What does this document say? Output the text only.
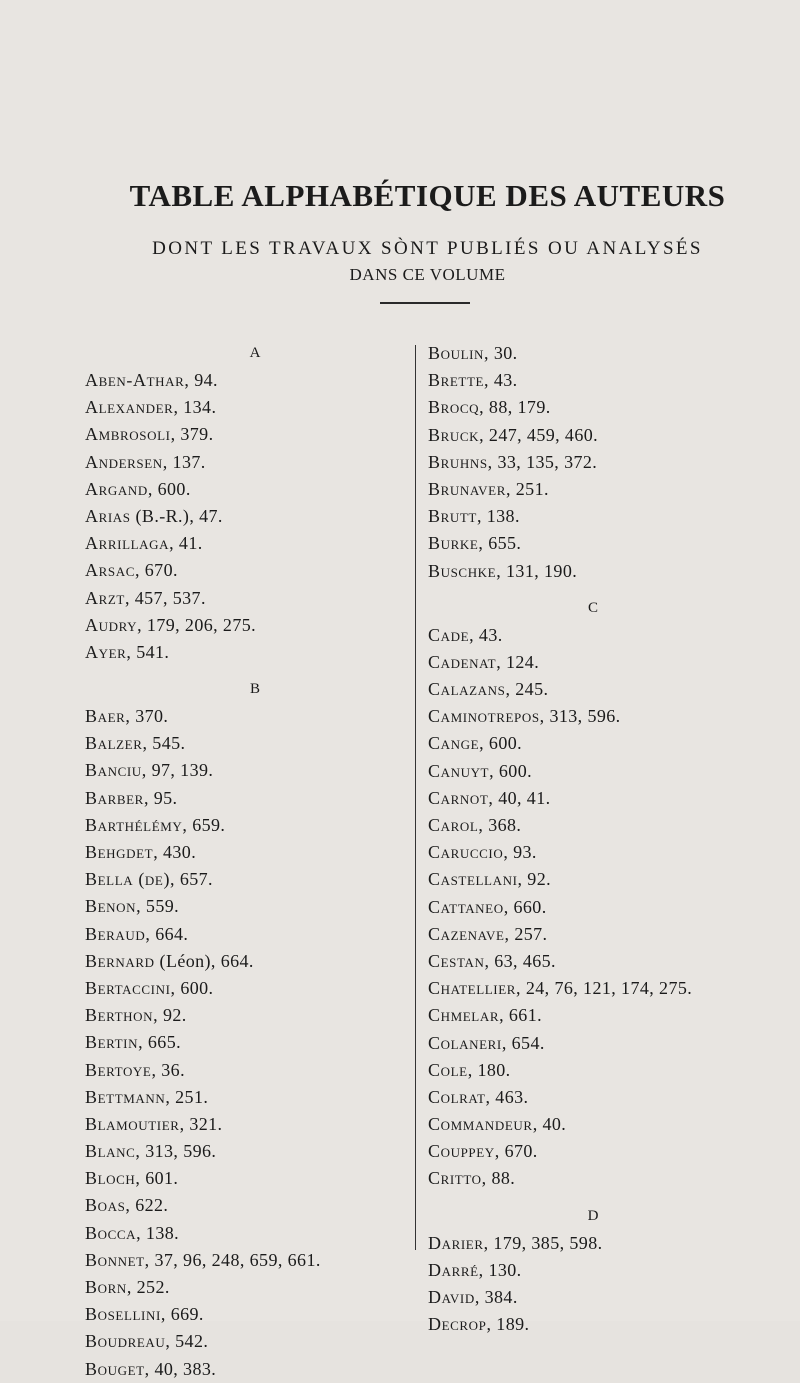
TABLE ALPHABÉTIQUE DES AUTEURS
DONT LES TRAVAUX SÒNT PUBLIÉS OU ANALYSÉS
DANS CE VOLUME
A
Aben-Athar, 94.
Alexander, 134.
Ambrosoli, 379.
Andersen, 137.
Argand, 600.
Arias (B.-R.), 47.
Arrillaga, 41.
Arsac, 670.
Arzt, 457, 537.
Audry, 179, 206, 275.
Ayer, 541.
B
Baer, 370.
Balzer, 545.
Banciu, 97, 139.
Barber, 95.
Barthélémy, 659.
Behgdet, 430.
Bella (de), 657.
Benon, 559.
Beraud, 664.
Bernard (Léon), 664.
Bertaccini, 600.
Berthon, 92.
Bertin, 665.
Bertoye, 36.
Bettmann, 251.
Blamoutier, 321.
Blanc, 313, 596.
Bloch, 601.
Boas, 622.
Bocca, 138.
Bonnet, 37, 96, 248, 659, 661.
Born, 252.
Bosellini, 669.
Boudreau, 542.
Bouget, 40, 383.
Boulin, 30.
Brette, 43.
Brocq, 88, 179.
Bruck, 247, 459, 460.
Bruhns, 33, 135, 372.
Brunaver, 251.
Brutt, 138.
Burke, 655.
Buschke, 131, 190.
C
Cade, 43.
Cadenat, 124.
Calazans, 245.
Caminotrepos, 313, 596.
Cange, 600.
Canuyt, 600.
Carnot, 40, 41.
Carol, 368.
Caruccio, 93.
Castellani, 92.
Cattaneo, 660.
Cazenave, 257.
Cestan, 63, 465.
Chatellier, 24, 76, 121, 174, 275.
Chmelar, 661.
Colaneri, 654.
Cole, 180.
Colrat, 463.
Commandeur, 40.
Couppey, 670.
Critto, 88.
D
Darier, 179, 385, 598.
Darré, 130.
David, 384.
Decrop, 189.
